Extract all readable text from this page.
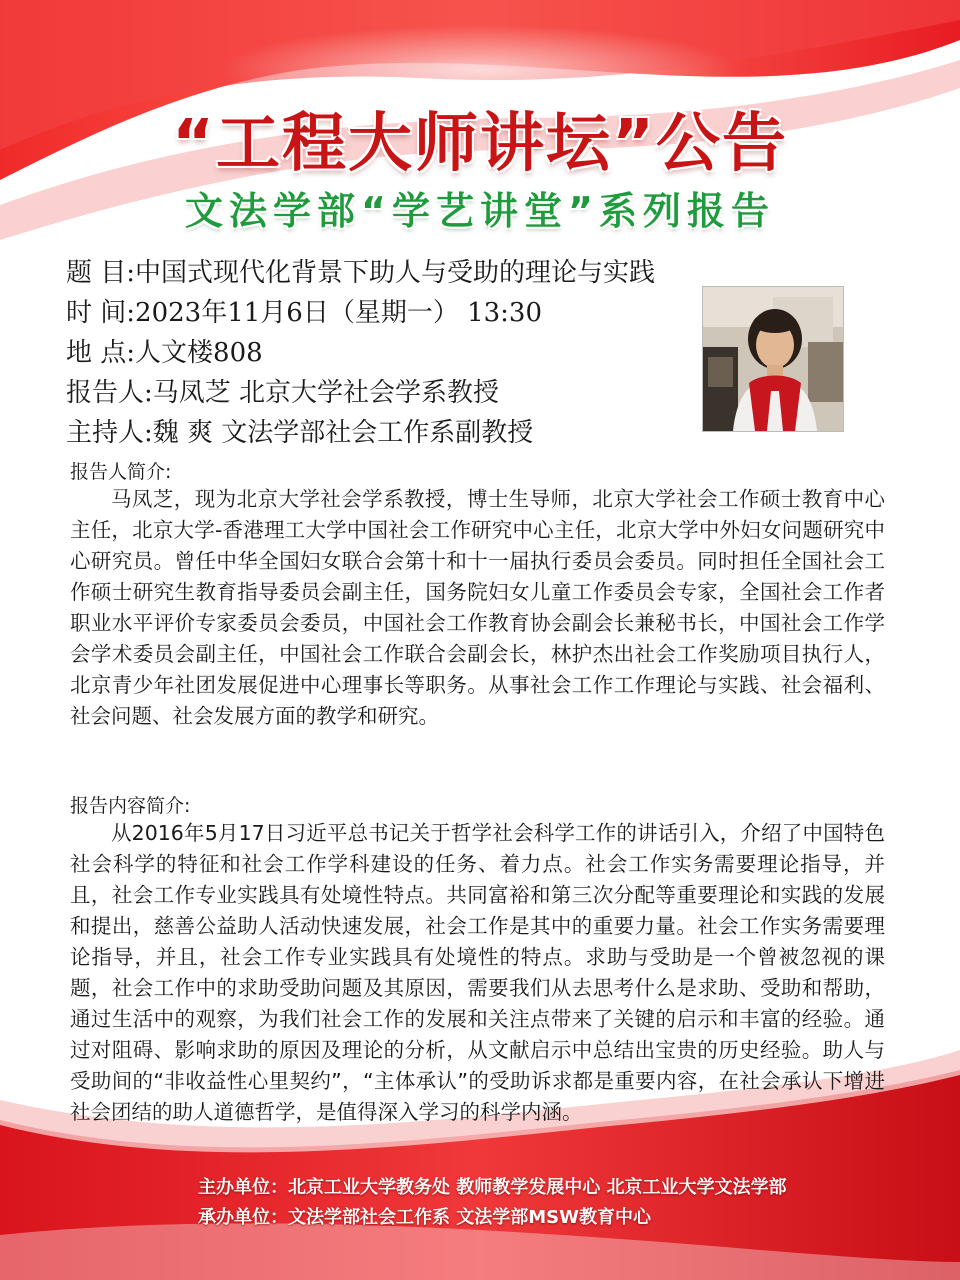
“工程大师讲坛”公告
文法学部“学艺讲堂”系列报告
题 目:中国式现代化背景下助人与受助的理论与实践
时 间:2023年11月6日（星期一） 13:30
地 点:人文楼808
报告人:马凤芝 北京大学社会学系教授
主持人:魏 爽 文法学部社会工作系副教授
报告人简介:

马凤芝，现为北京大学社会学系教授，博士生导师，北京大学社会工作硕士教育中心主任，北京大学-香港理工大学中国社会工作研究中心主任，北京大学中外妇女问题研究中心研究员。曾任中华全国妇女联合会第十和十一届执行委员会委员。同时担任全国社会工作硕士研究生教育指导委员会副主任，国务院妇女儿童工作委员会专家，全国社会工作者职业水平评价专家委员会委员，中国社会工作教育协会副会长兼秘书长，中国社会工作学会学术委员会副主任，中国社会工作联合会副会长，林护杰出社会工作奖励项目执行人，北京青少年社团发展促进中心理事长等职务。从事社会工作工作理论与实践、社会福利、社会问题、社会发展方面的教学和研究。

报告内容简介:

从2016年5月17日习近平总书记关于哲学社会科学工作的讲话引入，介绍了中国特色社会科学的特征和社会工作学科建设的任务、着力点。社会工作实务需要理论指导，并且，社会工作专业实践具有处境性特点。共同富裕和第三次分配等重要理论和实践的发展和提出，慈善公益助人活动快速发展，社会工作是其中的重要力量。社会工作实务需要理论指导，并且，社会工作专业实践具有处境性的特点。求助与受助是一个曾被忽视的课题，社会工作中的求助受助问题及其原因，需要我们从去思考什么是求助、受助和帮助，通过生活中的观察，为我们社会工作的发展和关注点带来了关键的启示和丰富的经验。通过对阻碍、影响求助的原因及理论的分析，从文献启示中总结出宝贵的历史经验。助人与受助间的“非收益性心里契约”，“主体承认”的受助诉求都是重要内容，在社会承认下增进社会团结的助人道德哲学，是值得深入学习的科学内涵。

主办单位：北京工业大学教务处 教师教学发展中心 北京工业大学文法学部
承办单位：文法学部社会工作系 文法学部MSW教育中心
